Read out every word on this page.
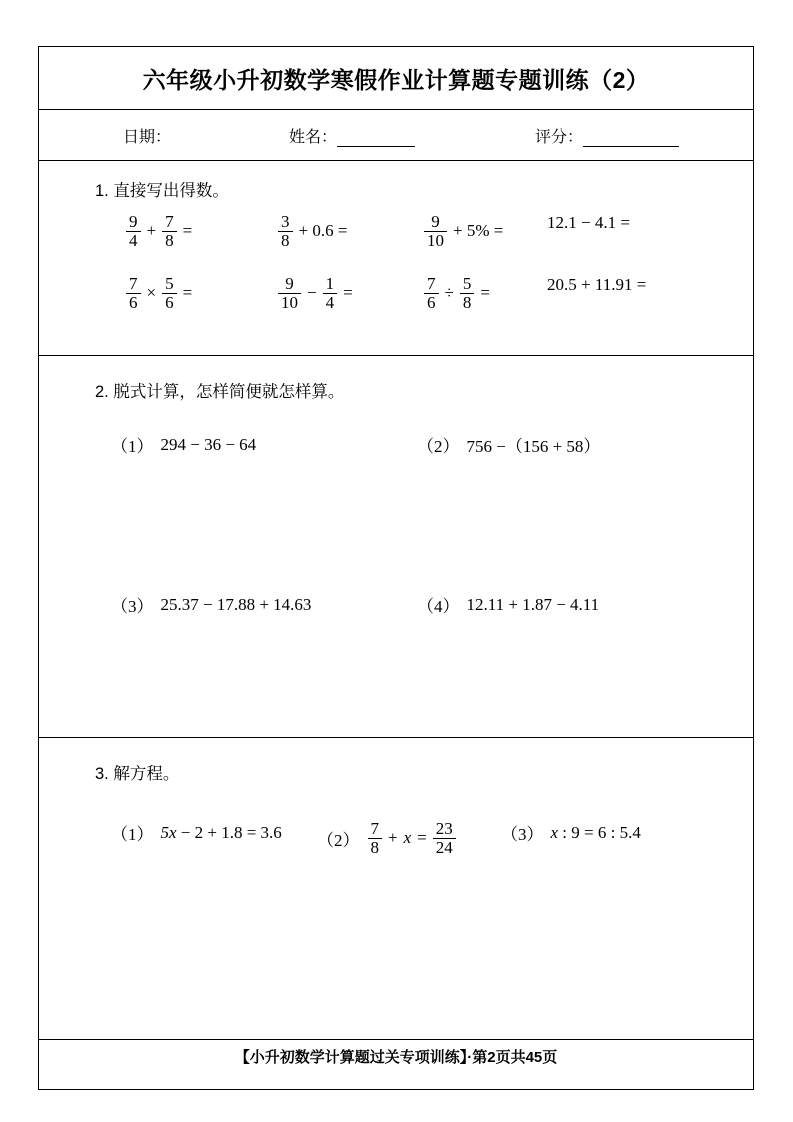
六年级小升初数学寒假作业计算题专题训练（2）
日期：	姓名：	评分：
1. 直接写出得数。
$\frac{9}{4} + \frac{7}{8}$ =	$\frac{3}{8} + 0.6$ =	$\frac{9}{10} + 5\%$ =	12.1 − 4.1 =
$\frac{7}{6} \times \frac{5}{6}$ =	$\frac{9}{10} - \frac{1}{4}$ =	$\frac{7}{6} \div \frac{5}{8}$ =	20.5 + 11.91 =
2. 脱式计算，怎样简便就怎样算。
（1） 294 − 36 − 64	（2） 756 −（156 + 58）
（3） 25.37 − 17.88 + 14.63	（4） 12.11 + 1.87 − 4.11
3. 解方程。
（1） 5x − 2 + 1.8 = 3.6 $(2) \frac{7}{8} + x = \frac{23}{24}$	（3） x : 9 = 6 : 5.4
【小升初数学计算题过关专项训练】·第2页共45页
